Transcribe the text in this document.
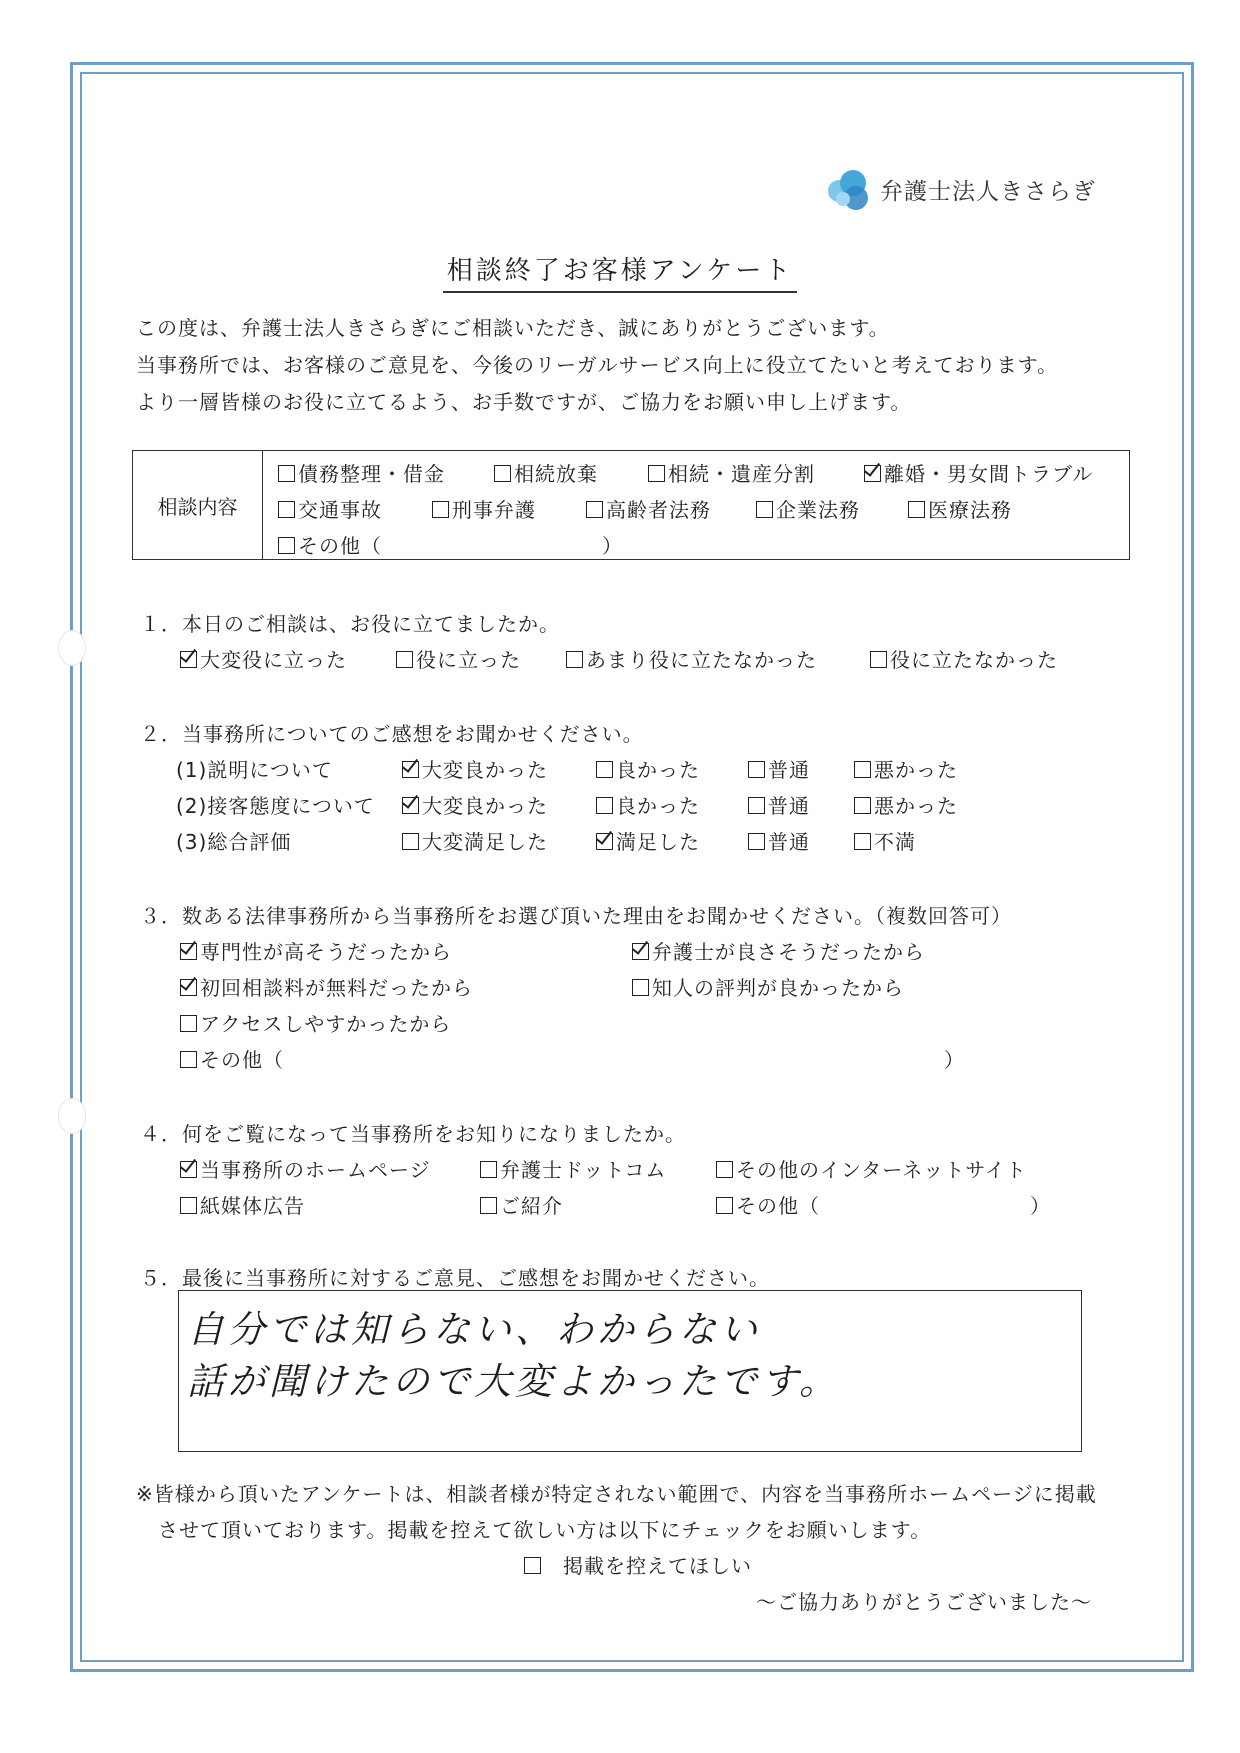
弁護士法人きさらぎ
相談終了お客様アンケート
この度は、弁護士法人きさらぎにご相談いただき、誠にありがとうございます。
当事務所では、お客様のご意見を、今後のリーガルサービス向上に役立てたいと考えております。
より一層皆様のお役に立てるよう、お手数ですが、ご協力をお願い申し上げます。
相談内容
債務整理・借金	相続放棄	相続・遺産分割	離婚・男女間トラブル
交通事故	刑事弁護	高齢者法務	企業法務	医療法務
その他（	）
１．本日のご相談は、お役に立てましたか。
大変役に立った	役に立った	あまり役に立たなかった	役に立たなかった
２．当事務所についてのご感想をお聞かせください。
(1)説明について	大変良かった	良かった	普通	悪かった
(2)接客態度について	大変良かった	良かった	普通	悪かった
(3)総合評価	大変満足した	満足した	普通	不満
３．数ある法律事務所から当事務所をお選び頂いた理由をお聞かせください。（複数回答可）
専門性が高そうだったから	弁護士が良さそうだったから
初回相談料が無料だったから	知人の評判が良かったから
アクセスしやすかったから
その他（	）
４．何をご覧になって当事務所をお知りになりましたか。
当事務所のホームページ	弁護士ドットコム	その他のインターネットサイト
紙媒体広告	ご紹介	その他（	）
５．最後に当事務所に対するご意見、ご感想をお聞かせください。
自分では知らない、わからない
話が聞けたので大変よかったです。
※皆様から頂いたアンケートは、相談者様が特定されない範囲で、内容を当事務所ホームページに掲載
させて頂いております。掲載を控えて欲しい方は以下にチェックをお願いします。
掲載を控えてほしい
～ご協力ありがとうございました～
